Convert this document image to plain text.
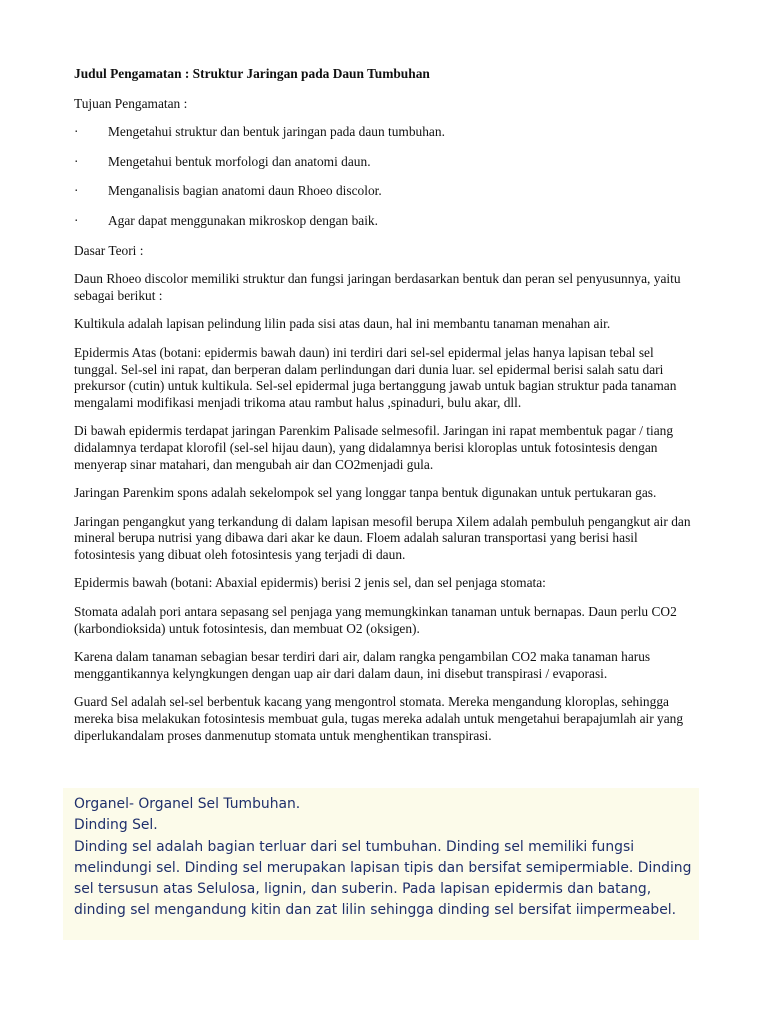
Judul Pengamatan : Struktur Jaringan pada Daun Tumbuhan

Tujuan Pengamatan :

· Mengetahui struktur dan bentuk jaringan pada daun tumbuhan.

· Mengetahui bentuk morfologi dan anatomi daun.

· Menganalisis bagian anatomi daun Rhoeo discolor.

· Agar dapat menggunakan mikroskop dengan baik.

Dasar Teori :

Daun Rhoeo discolor memiliki struktur dan fungsi jaringan berdasarkan bentuk dan peran sel penyusunnya, yaitu sebagai berikut :

Kultikula adalah lapisan pelindung lilin pada sisi atas daun, hal ini membantu tanaman menahan air.

Epidermis Atas (botani: epidermis bawah daun) ini terdiri dari sel-sel epidermal jelas hanya lapisan tebal sel tunggal. Sel-sel ini rapat, dan berperan dalam perlindungan dari dunia luar. sel epidermal berisi salah satu dari prekursor (cutin) untuk kultikula. Sel-sel epidermal juga bertanggung jawab untuk bagian struktur pada tanaman mengalami modifikasi menjadi trikoma atau rambut halus ,spinaduri, bulu akar, dll.

Di bawah epidermis terdapat jaringan Parenkim Palisade selmesofil. Jaringan ini rapat membentuk pagar / tiang didalamnya terdapat klorofil (sel-sel hijau daun), yang didalamnya berisi kloroplas untuk fotosintesis dengan menyerap sinar matahari, dan mengubah air dan CO2menjadi gula.

Jaringan Parenkim spons adalah sekelompok sel yang longgar tanpa bentuk digunakan untuk pertukaran gas.

Jaringan pengangkut yang terkandung di dalam lapisan mesofil berupa Xilem adalah pembuluh pengangkut air dan mineral berupa nutrisi yang dibawa dari akar ke daun. Floem adalah saluran transportasi yang berisi hasil fotosintesis yang dibuat oleh fotosintesis yang terjadi di daun.

Epidermis bawah (botani: Abaxial epidermis) berisi 2 jenis sel, dan sel penjaga stomata:

Stomata adalah pori antara sepasang sel penjaga yang memungkinkan tanaman untuk bernapas. Daun perlu CO2 (karbondioksida) untuk fotosintesis, dan membuat O2 (oksigen).

Karena dalam tanaman sebagian besar terdiri dari air, dalam rangka pengambilan CO2 maka tanaman harus menggantikannya kelyngkungen dengan uap air dari dalam daun, ini disebut transpirasi / evaporasi.

Guard Sel adalah sel-sel berbentuk kacang yang mengontrol stomata. Mereka mengandung kloroplas, sehingga mereka bisa melakukan fotosintesis membuat gula, tugas mereka adalah untuk mengetahui berapajumlah air yang diperlukandalam proses danmenutup stomata untuk menghentikan transpirasi.

Organel- Organel Sel Tumbuhan.

Dinding Sel.

Dinding sel adalah bagian terluar dari sel tumbuhan. Dinding sel memiliki fungsi melindungi sel. Dinding sel merupakan lapisan tipis dan bersifat semipermiable. Dinding sel tersusun atas Selulosa, lignin, dan suberin. Pada lapisan epidermis dan batang, dinding sel mengandung kitin dan zat lilin sehingga dinding sel bersifat iimpermeabel.
